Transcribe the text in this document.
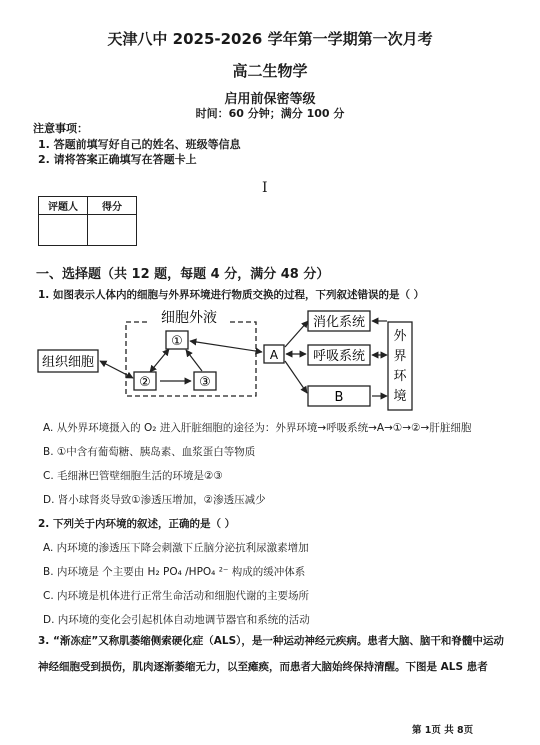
天津八中 2025-2026 学年第一学期第一次月考
高二生物学
启用前保密等级
时间：60 分钟；满分 100 分
注意事项：
1. 答题前填写好自己的姓名、班级等信息
2. 请将答案正确填写在答题卡上
I
评题人	得分

一、选择题（共 12 题，每题 4 分，满分 48 分）
1. 如图表示人体内的细胞与外界环境进行物质交换的过程，下列叙述错误的是（ ）
细胞外液
组织细胞
①
②	③
A
消化系统
呼吸系统
B
外
界
环
境
A. 从外界环境摄入的 O₂ 进入肝脏细胞的途径为：外界环境→呼吸系统→A→①→②→肝脏细胞
B. ①中含有葡萄糖、胰岛素、血浆蛋白等物质
C. 毛细淋巴管壁细胞生活的环境是②③
D. 肾小球肾炎导致①渗透压增加，②渗透压减少
2. 下列关于内环境的叙述，正确的是（ ）
A. 内环境的渗透压下降会刺激下丘脑分泌抗利尿激素增加
B. 内环境是 个主要由 H₂ PO₄ /HPO₄ ²⁻ 构成的缓冲体系
C. 内环境是机体进行正常生命活动和细胞代谢的主要场所
D. 内环境的变化会引起机体自动地调节器官和系统的活动
3. “渐冻症”又称肌萎缩侧索硬化症（ALS），是一种运动神经元疾病。患者大脑、脑干和脊髓中运动神经细胞受到损伤，肌肉逐渐萎缩无力，以至瘫痪，而患者大脑始终保持清醒。下图是 ALS 患者
第 1页 共 8页
